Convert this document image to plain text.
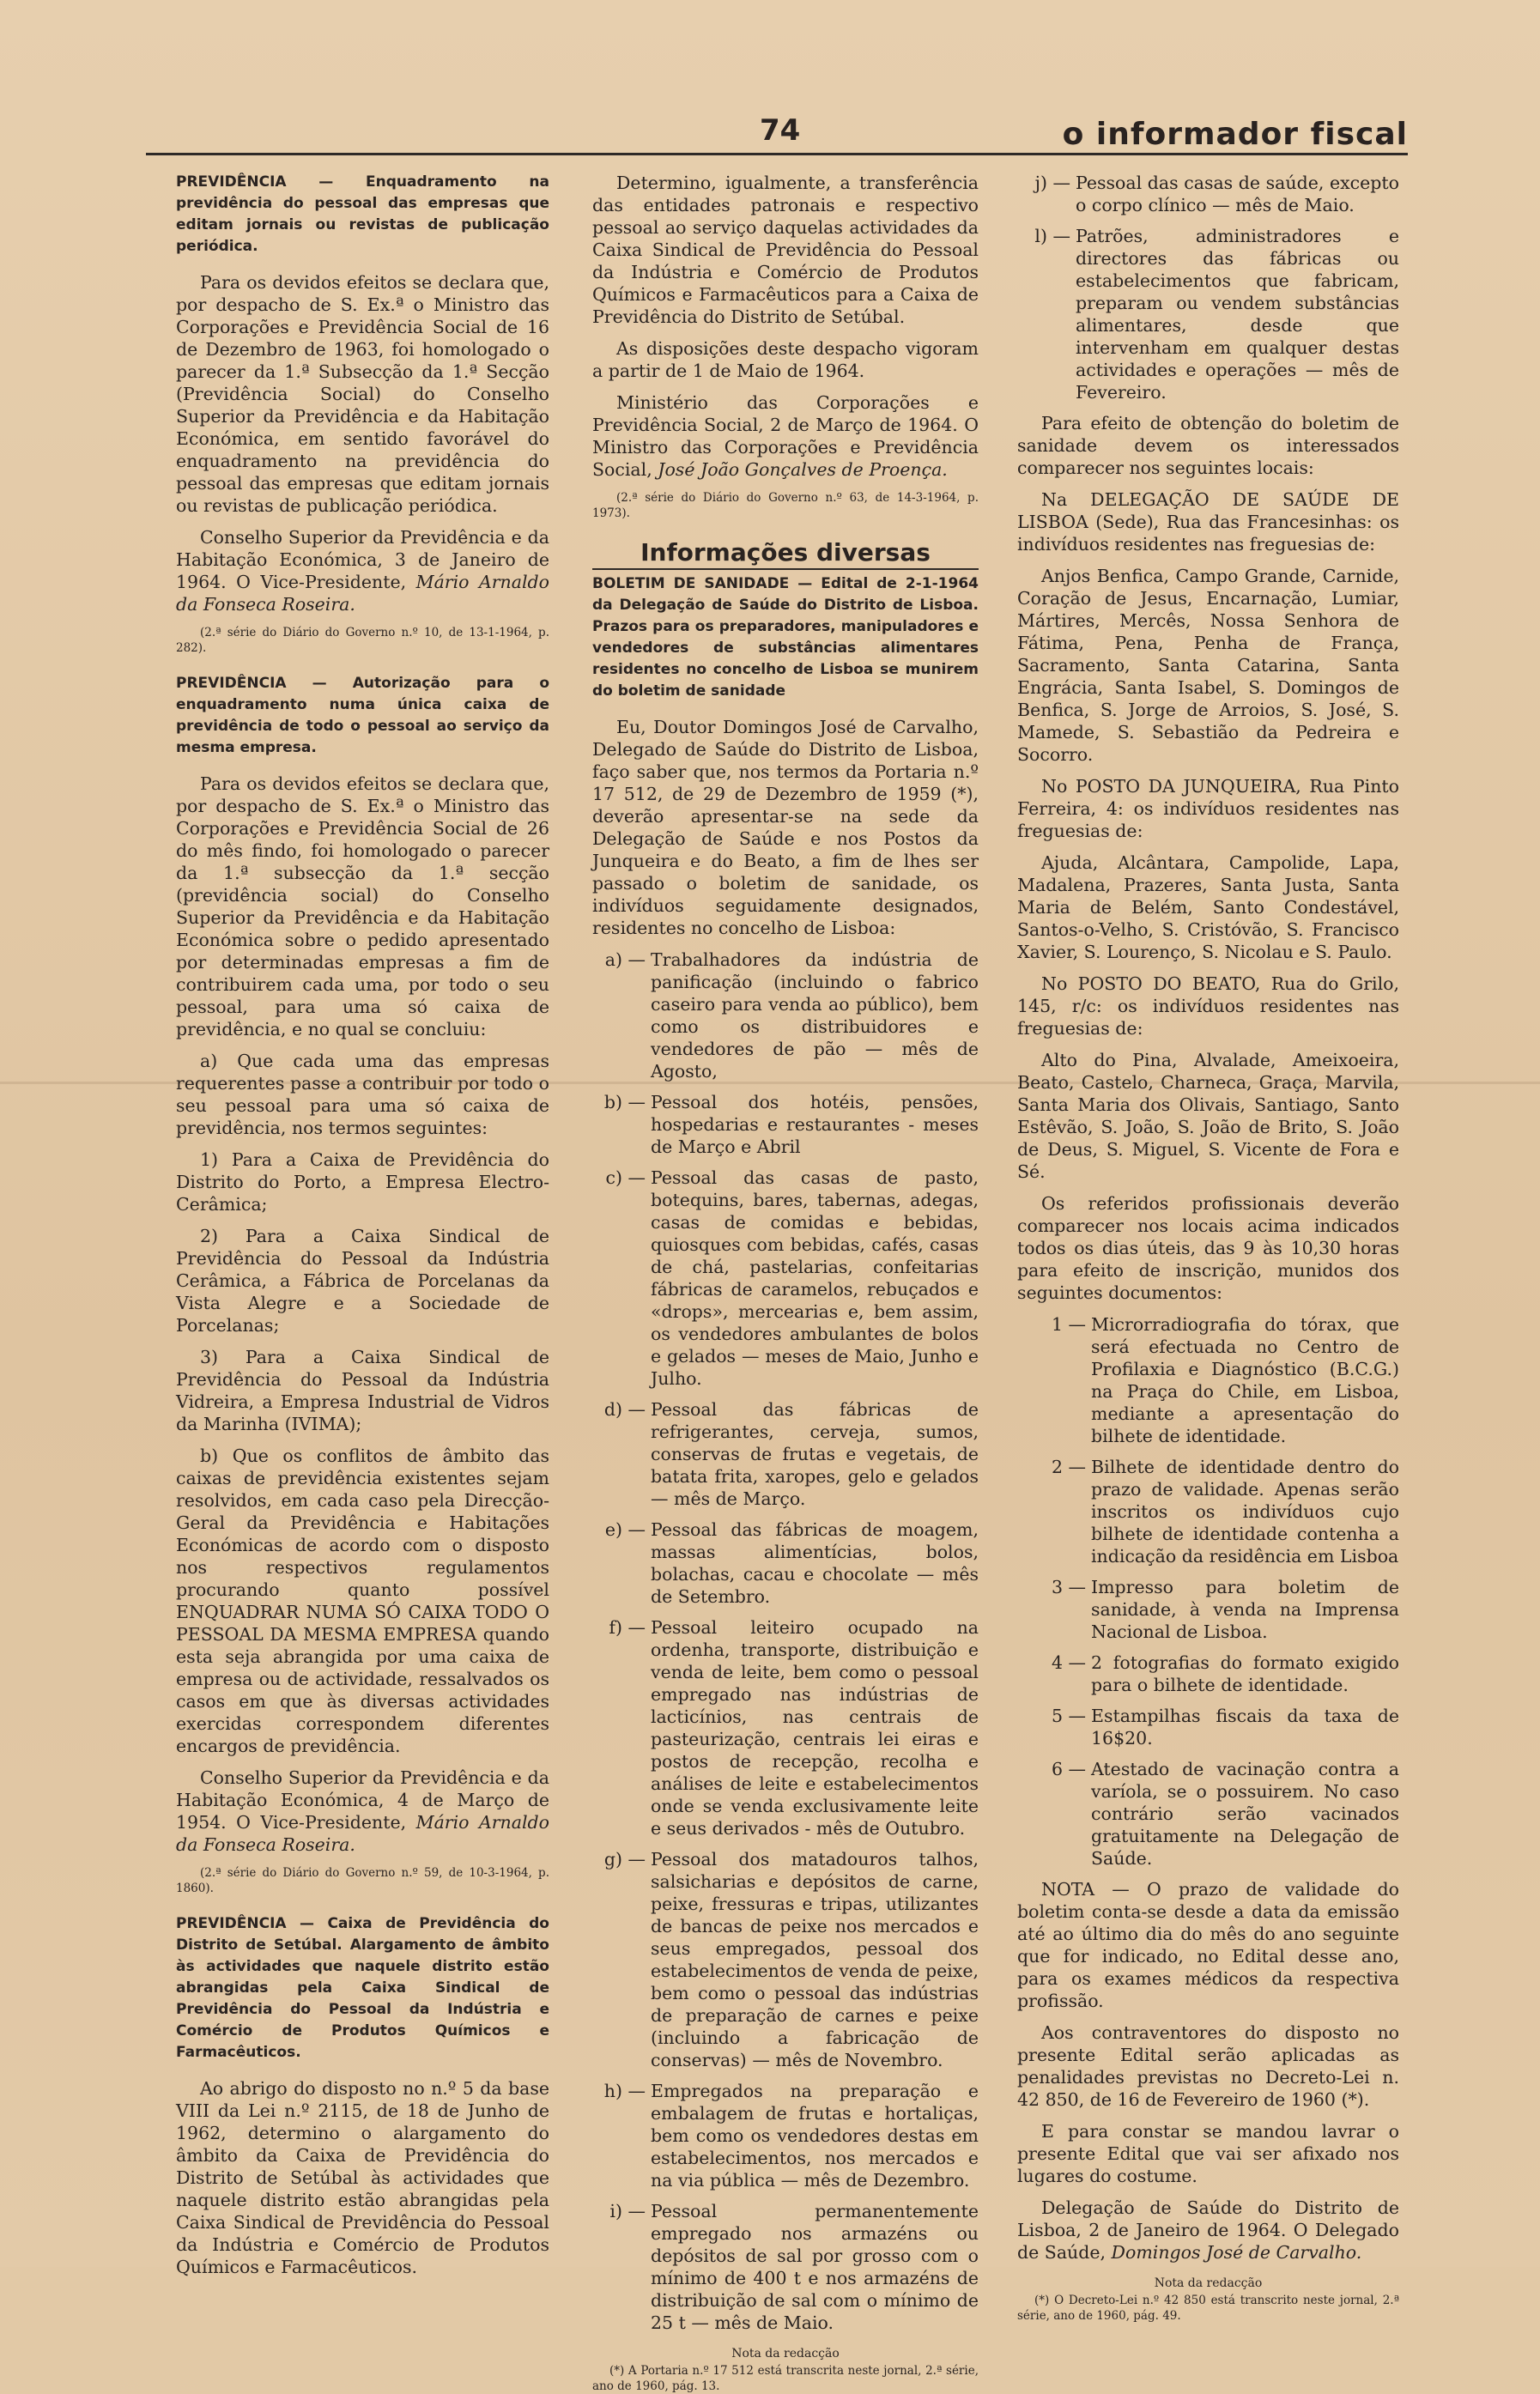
74	o informador fiscal
PREVIDÊNCIA — Enquadramento na previdência do pessoal das empresas que editam jornais ou revistas de publicação periódica.

Para os devidos efeitos se declara que, por despacho de S. Ex.ª o Ministro das Corporações e Previdência Social de 16 de Dezembro de 1963, foi homologado o parecer da 1.ª Subsecção da 1.ª Secção (Previdência Social) do Conselho Superior da Previdência e da Habitação Económica, em sentido favorável do enquadramento na previdência do pessoal das empresas que editam jornais ou revistas de publicação periódica.

Conselho Superior da Previdência e da Habitação Económica, 3 de Janeiro de 1964. O Vice-Presidente, Mário Arnaldo da Fonseca Roseira.

(2.ª série do Diário do Governo n.º 10, de 13-1-1964, p. 282).
PREVIDÊNCIA — Autorização para o enquadramento numa única caixa de previdência de todo o pessoal ao serviço da mesma empresa.

Para os devidos efeitos se declara que, por despacho de S. Ex.ª o Ministro das Corporações e Previdência Social de 26 do mês findo, foi homologado o parecer da 1.ª subsecção da 1.ª secção (previdência social) do Conselho Superior da Previdência e da Habitação Económica sobre o pedido apresentado por determinadas empresas a fim de contribuirem cada uma, por todo o seu pessoal, para uma só caixa de previdência, e no qual se concluiu:

a) Que cada uma das empresas requerentes passe a contribuir por todo o seu pessoal para uma só caixa de previdência, nos termos seguintes:

1) Para a Caixa de Previdência do Distrito do Porto, a Empresa Electro-Cerâmica;

2) Para a Caixa Sindical de Previdência do Pessoal da Indústria Cerâmica, a Fábrica de Porcelanas da Vista Alegre e a Sociedade de Porcelanas;

3) Para a Caixa Sindical de Previdência do Pessoal da Indústria Vidreira, a Empresa Industrial de Vidros da Marinha (IVIMA);

b) Que os conflitos de âmbito das caixas de previdência existentes sejam resolvidos, em cada caso pela Direcção-Geral da Previdência e Habitações Económicas de acordo com o disposto nos respectivos regulamentos procurando quanto possível ENQUADRAR NUMA SÓ CAIXA TODO O PESSOAL DA MESMA EMPRESA quando esta seja abrangida por uma caixa de empresa ou de actividade, ressalvados os casos em que às diversas actividades exercidas correspondem diferentes encargos de previdência.

Conselho Superior da Previdência e da Habitação Económica, 4 de Março de 1954. O Vice-Presidente, Mário Arnaldo da Fonseca Roseira.

(2.ª série do Diário do Governo n.º 59, de 10-3-1964, p. 1860).
PREVIDÊNCIA — Caixa de Previdência do Distrito de Setúbal. Alargamento de âmbito às actividades que naquele distrito estão abrangidas pela Caixa Sindical de Previdência do Pessoal da Indústria e Comércio de Produtos Químicos e Farmacêuticos.

Ao abrigo do disposto no n.º 5 da base VIII da Lei n.º 2115, de 18 de Junho de 1962, determino o alargamento do âmbito da Caixa de Previdência do Distrito de Setúbal às actividades que naquele distrito estão abrangidas pela Caixa Sindical de Previdência do Pessoal da Indústria e Comércio de Produtos Químicos e Farmacêuticos.

Determino, igualmente, a transferência das entidades patronais e respectivo pessoal ao serviço daquelas actividades da Caixa Sindical de Previdência do Pessoal da Indústria e Comércio de Produtos Químicos e Farmacêuticos para a Caixa de Previdência do Distrito de Setúbal.

As disposições deste despacho vigoram a partir de 1 de Maio de 1964.

Ministério das Corporações e Previdência Social, 2 de Março de 1964. O Ministro das Corporações e Previdência Social, José João Gonçalves de Proença.

(2.ª série do Diário do Governo n.º 63, de 14-3-1964, p. 1973).
Informações diversas
BOLETIM DE SANIDADE — Edital de 2-1-1964 da Delegação de Saúde do Distrito de Lisboa. Prazos para os preparadores, manipuladores e vendedores de substâncias alimentares residentes no concelho de Lisboa se munirem do boletim de sanidade

Eu, Doutor Domingos José de Carvalho, Delegado de Saúde do Distrito de Lisboa, faço saber que, nos termos da Portaria n.º 17 512, de 29 de Dezembro de 1959 (*), deverão apresentar-se na sede da Delegação de Saúde e nos Postos da Junqueira e do Beato, a fim de lhes ser passado o boletim de sanidade, os indivíduos seguidamente designados, residentes no concelho de Lisboa:

a) — Trabalhadores da indústria de panificação (incluindo o fabrico caseiro para venda ao público), bem como os distribuidores e vendedores de pão — mês de Agosto,
b) — Pessoal dos hotéis, pensões, hospedarias e restaurantes - meses de Março e Abril
c) — Pessoal das casas de pasto, botequins, bares, tabernas, adegas, casas de comidas e bebidas, quiosques com bebidas, cafés, casas de chá, pastelarias, confeitarias fábricas de caramelos, rebuçados e «drops», mercearias e, bem assim, os vendedores ambulantes de bolos e gelados — meses de Maio, Junho e Julho.
d) — Pessoal das fábricas de refrigerantes, cerveja, sumos, conservas de frutas e vegetais, de batata frita, xaropes, gelo e gelados — mês de Março.
e) — Pessoal das fábricas de moagem, massas alimentícias, bolos, bolachas, cacau e chocolate — mês de Setembro.
f) — Pessoal leiteiro ocupado na ordenha, transporte, distribuição e venda de leite, bem como o pessoal empregado nas indústrias de lacticínios, nas centrais de pasteurização, centrais lei eiras e postos de recepção, recolha e análises de leite e estabelecimentos onde se venda exclusivamente leite e seus derivados - mês de Outubro.
g) — Pessoal dos matadouros talhos, salsicharias e depósitos de carne, peixe, fressuras e tripas, utilizantes de bancas de peixe nos mercados e seus empregados, pessoal dos estabelecimentos de venda de peixe, bem como o pessoal das indústrias de preparação de carnes e peixe (incluindo a fabricação de conservas) — mês de Novembro.
h) — Empregados na preparação e embalagem de frutas e hortaliças, bem como os vendedores destas em estabelecimentos, nos mercados e na via pública — mês de Dezembro.
i) — Pessoal permanentemente empregado nos armazéns ou depósitos de sal por grosso com o mínimo de 400 t e nos armazéns de distribuição de sal com o mínimo de 25 t — mês de Maio.
Nota da redacção

(*) A Portaria n.º 17 512 está transcrita neste jornal, 2.ª série, ano de 1960, pág. 13.

j) — Pessoal das casas de saúde, excepto o corpo clínico — mês de Maio.
l) — Patrões, administradores e directores das fábricas ou estabelecimentos que fabricam, preparam ou vendem substâncias alimentares, desde que intervenham em qualquer destas actividades e operações — mês de Fevereiro.

Para efeito de obtenção do boletim de sanidade devem os interessados comparecer nos seguintes locais:

Na DELEGAÇÃO DE SAÚDE DE LISBOA (Sede), Rua das Francesinhas: os indivíduos residentes nas freguesias de:

Anjos Benfica, Campo Grande, Carnide, Coração de Jesus, Encarnação, Lumiar, Mártires, Mercês, Nossa Senhora de Fátima, Pena, Penha de França, Sacramento, Santa Catarina, Santa Engrácia, Santa Isabel, S. Domingos de Benfica, S. Jorge de Arroios, S. José, S. Mamede, S. Sebastião da Pedreira e Socorro.

No POSTO DA JUNQUEIRA, Rua Pinto Ferreira, 4: os indivíduos residentes nas freguesias de:

Ajuda, Alcântara, Campolide, Lapa, Madalena, Prazeres, Santa Justa, Santa Maria de Belém, Santo Condestável, Santos-o-Velho, S. Cristóvão, S. Francisco Xavier, S. Lourenço, S. Nicolau e S. Paulo.

No POSTO DO BEATO, Rua do Grilo, 145, r/c: os indivíduos residentes nas freguesias de:

Alto do Pina, Alvalade, Ameixoeira, Beato, Castelo, Charneca, Graça, Marvila, Santa Maria dos Olivais, Santiago, Santo Estêvão, S. João, S. João de Brito, S. João de Deus, S. Miguel, S. Vicente de Fora e Sé.

Os referidos profissionais deverão comparecer nos locais acima indicados todos os dias úteis, das 9 às 10,30 horas para efeito de inscrição, munidos dos seguintes documentos:

1 — Microrradiografia do tórax, que será efectuada no Centro de Profilaxia e Diagnóstico (B.C.G.) na Praça do Chile, em Lisboa, mediante a apresentação do bilhete de identidade.
2 — Bilhete de identidade dentro do prazo de validade. Apenas serão inscritos os indivíduos cujo bilhete de identidade contenha a indicação da residência em Lisboa
3 — Impresso para boletim de sanidade, à venda na Imprensa Nacional de Lisboa.
4 — 2 fotografias do formato exigido para o bilhete de identidade.
5 — Estampilhas fiscais da taxa de 16$20.
6 — Atestado de vacinação contra a varíola, se o possuirem. No caso contrário serão vacinados gratuitamente na Delegação de Saúde.

NOTA — O prazo de validade do boletim conta-se desde a data da emissão até ao último dia do mês do ano seguinte que for indicado, no Edital desse ano, para os exames médicos da respectiva profissão.

Aos contraventores do disposto no presente Edital serão aplicadas as penalidades previstas no Decreto-Lei n. 42 850, de 16 de Fevereiro de 1960 (*).

E para constar se mandou lavrar o presente Edital que vai ser afixado nos lugares do costume.

Delegação de Saúde do Distrito de Lisboa, 2 de Janeiro de 1964. O Delegado de Saúde, Domingos José de Carvalho.

Nota da redacção

(*) O Decreto-Lei n.º 42 850 está transcrito neste jornal, 2.ª série, ano de 1960, pág. 49.
